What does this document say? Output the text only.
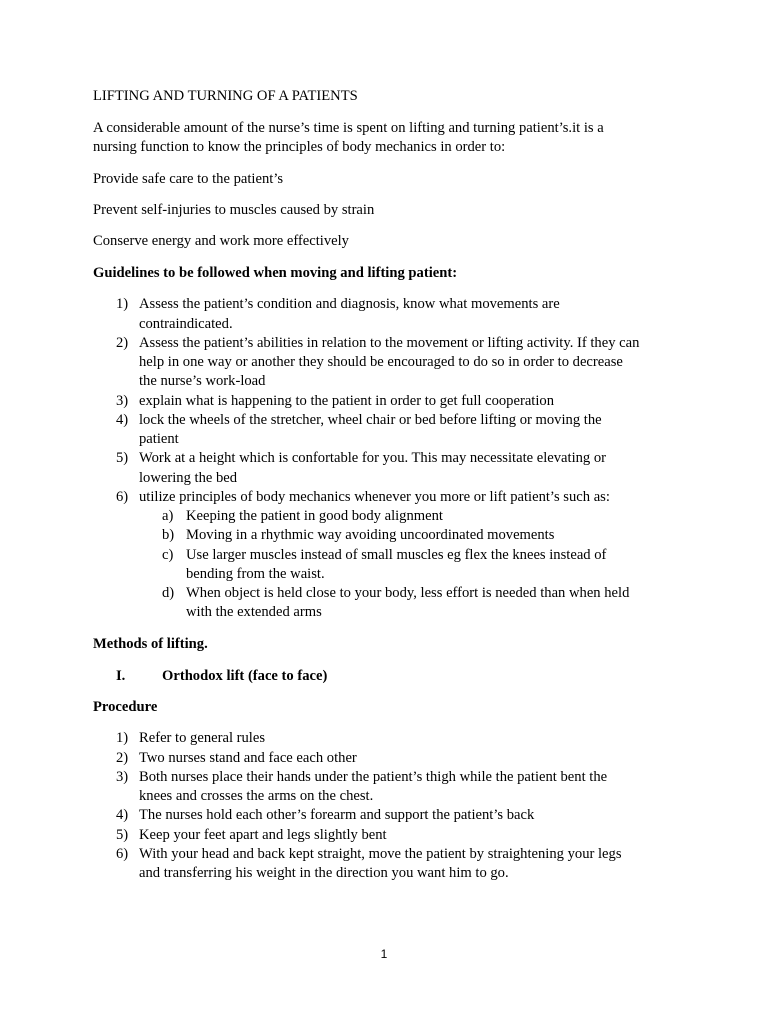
LIFTING AND TURNING OF A PATIENTS
A considerable amount of the nurse’s time is spent on lifting and turning patient’s.it is a
nursing function to know the principles of body mechanics in order to:
Provide safe care to the patient’s
Prevent self-injuries to muscles caused by strain
Conserve energy and work more effectively
Guidelines to be followed when moving and lifting patient:
1) Assess the patient’s condition and diagnosis, know what movements are
contraindicated.
2) Assess the patient’s abilities in relation to the movement or lifting activity. If they can
help in one way or another they should be encouraged to do so in order to decrease
the nurse’s work-load
3) explain what is happening to the patient in order to get full cooperation
4) lock the wheels of the stretcher, wheel chair or bed before lifting or moving the
patient
5) Work at a height which is confortable for you. This may necessitate elevating or
lowering the bed
6) utilize principles of body mechanics whenever you more or lift patient’s such as:
a) Keeping the patient in good body alignment
b) Moving in a rhythmic way avoiding uncoordinated movements
c) Use larger muscles instead of small muscles eg flex the knees instead of
bending from the waist.
d) When object is held close to your body, less effort is needed than when held
with the extended arms
Methods of lifting.
I.	Orthodox lift (face to face)
Procedure
1) Refer to general rules
2) Two nurses stand and face each other
3) Both nurses place their hands under the patient’s thigh while the patient bent the
knees and crosses the arms on the chest.
4) The nurses hold each other’s forearm and support the patient’s back
5) Keep your feet apart and legs slightly bent
6) With your head and back kept straight, move the patient by straightening your legs
and transferring his weight in the direction you want him to go.
1
